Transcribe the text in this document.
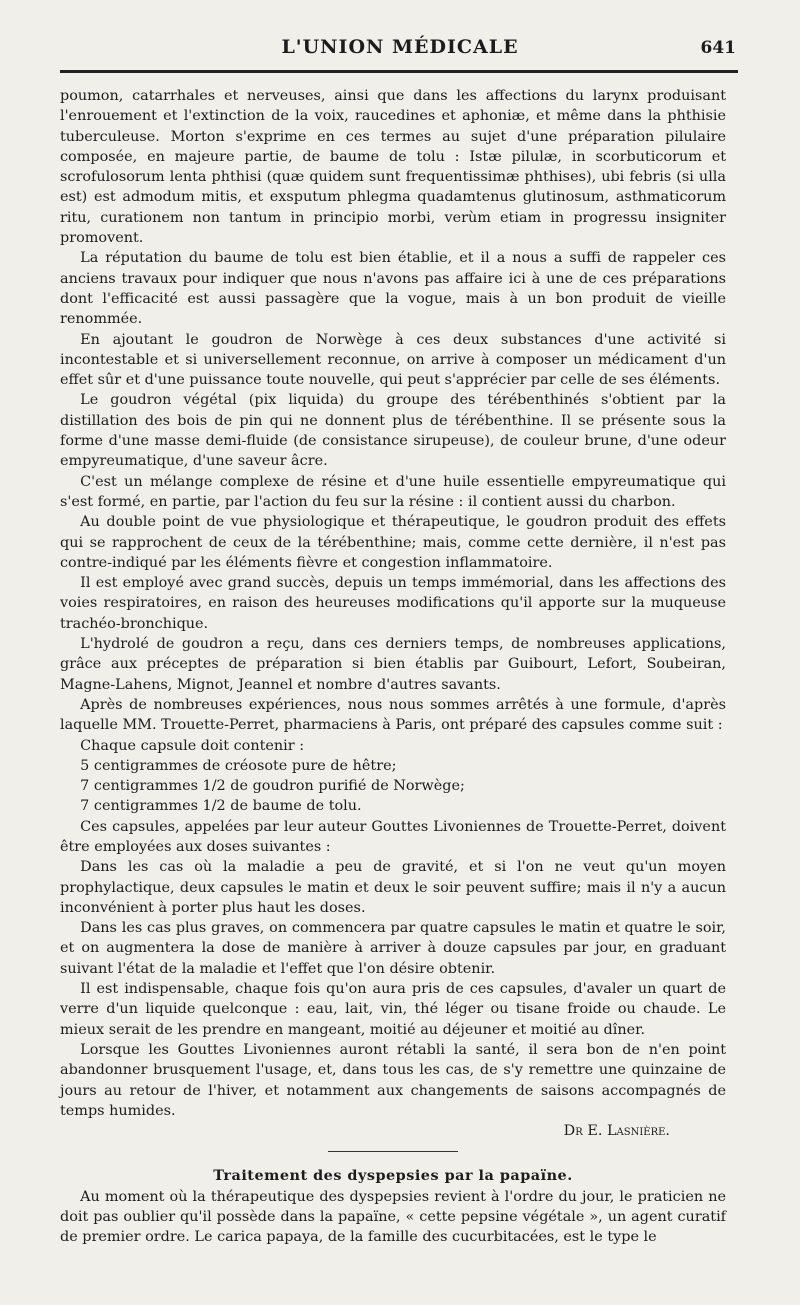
L'UNION MÉDICALE	641

poumon, catarrhales et nerveuses, ainsi que dans les affections du larynx produisant l'enrouement et l'extinction de la voix, raucedines et aphoniæ, et même dans la phthisie tuberculeuse. Morton s'exprime en ces termes au sujet d'une préparation pilulaire composée, en majeure partie, de baume de tolu : Istæ pilulæ, in scorbuticorum et scrofulosorum lenta phthisi (quæ quidem sunt frequentissimæ phthises), ubi febris (si ulla est) est admodum mitis, et exsputum phlegma quadamtenus glutinosum, asthmaticorum ritu, curationem non tantum in principio morbi, verùm etiam in progressu insigniter promovent.

La réputation du baume de tolu est bien établie, et il a nous a suffi de rappeler ces anciens travaux pour indiquer que nous n'avons pas affaire ici à une de ces préparations dont l'efficacité est aussi passagère que la vogue, mais à un bon produit de vieille renommée.

En ajoutant le goudron de Norwège à ces deux substances d'une activité si incontestable et si universellement reconnue, on arrive à composer un médicament d'un effet sûr et d'une puissance toute nouvelle, qui peut s'apprécier par celle de ses éléments.

Le goudron végétal (pix liquida) du groupe des térébenthinés s'obtient par la distillation des bois de pin qui ne donnent plus de térébenthine. Il se présente sous la forme d'une masse demi-fluide (de consistance sirupeuse), de couleur brune, d'une odeur empyreumatique, d'une saveur âcre.

C'est un mélange complexe de résine et d'une huile essentielle empyreumatique qui s'est formé, en partie, par l'action du feu sur la résine : il contient aussi du charbon.

Au double point de vue physiologique et thérapeutique, le goudron produit des effets qui se rapprochent de ceux de la térébenthine; mais, comme cette dernière, il n'est pas contre-indiqué par les éléments fièvre et congestion inflammatoire.

Il est employé avec grand succès, depuis un temps immémorial, dans les affections des voies respiratoires, en raison des heureuses modifications qu'il apporte sur la muqueuse trachéo-bronchique.

L'hydrolé de goudron a reçu, dans ces derniers temps, de nombreuses applications, grâce aux préceptes de préparation si bien établis par Guibourt, Lefort, Soubeiran, Magne-Lahens, Mignot, Jeannel et nombre d'autres savants.

Après de nombreuses expériences, nous nous sommes arrêtés à une formule, d'après laquelle MM. Trouette-Perret, pharmaciens à Paris, ont préparé des capsules comme suit :

Chaque capsule doit contenir :

5 centigrammes de créosote pure de hêtre;

7 centigrammes 1/2 de goudron purifié de Norwège;

7 centigrammes 1/2 de baume de tolu.

Ces capsules, appelées par leur auteur Gouttes Livoniennes de Trouette-Perret, doivent être employées aux doses suivantes :

Dans les cas où la maladie a peu de gravité, et si l'on ne veut qu'un moyen prophylactique, deux capsules le matin et deux le soir peuvent suffire; mais il n'y a aucun inconvénient à porter plus haut les doses.

Dans les cas plus graves, on commencera par quatre capsules le matin et quatre le soir, et on augmentera la dose de manière à arriver à douze capsules par jour, en graduant suivant l'état de la maladie et l'effet que l'on désire obtenir.

Il est indispensable, chaque fois qu'on aura pris de ces capsules, d'avaler un quart de verre d'un liquide quelconque : eau, lait, vin, thé léger ou tisane froide ou chaude. Le mieux serait de les prendre en mangeant, moitié au déjeuner et moitié au dîner.

Lorsque les Gouttes Livoniennes auront rétabli la santé, il sera bon de n'en point abandonner brusquement l'usage, et, dans tous les cas, de s'y remettre une quinzaine de jours au retour de l'hiver, et notamment aux changements de saisons accompagnés de temps humides.

Dr E. Lasnière.

Traitement des dyspepsies par la papaïne.

Au moment où la thérapeutique des dyspepsies revient à l'ordre du jour, le praticien ne doit pas oublier qu'il possède dans la papaïne, « cette pepsine végétale », un agent curatif de premier ordre. Le carica papaya, de la famille des cucurbitacées, est le type le
